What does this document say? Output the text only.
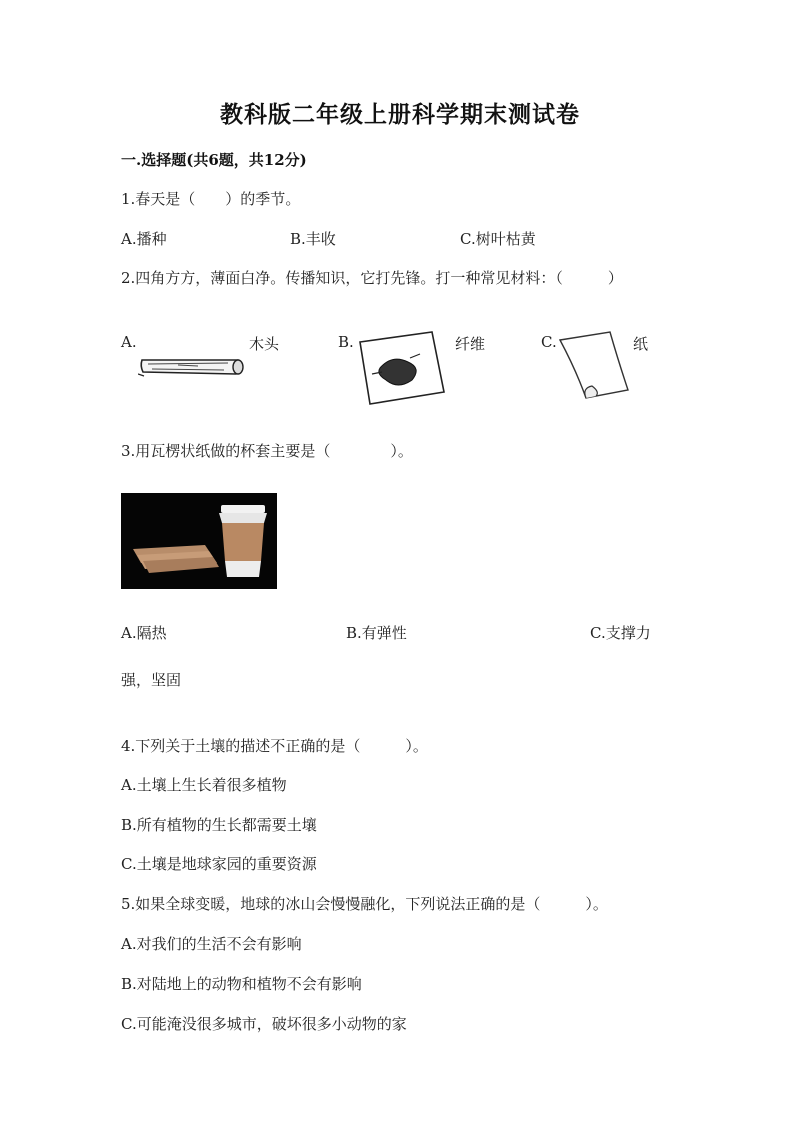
教科版二年级上册科学期末测试卷
一.选择题(共6题，共12分)
1.春天是（　　）的季节。
A.播种	B.丰收	C.树叶枯黄
2.四角方方，薄面白净。传播知识，它打先锋。打一种常见材料：（　　　）
A.	木头	B.	纤维	C.	纸
3.用瓦楞状纸做的杯套主要是（　　　　）。
A.隔热	B.有弹性	C.支撑力
强，坚固
4.下列关于土壤的描述不正确的是（　　　）。
A.土壤上生长着很多植物
B.所有植物的生长都需要土壤
C.土壤是地球家园的重要资源
5.如果全球变暖，地球的冰山会慢慢融化，下列说法正确的是（　　　）。
A.对我们的生活不会有影响
B.对陆地上的动物和植物不会有影响
C.可能淹没很多城市，破坏很多小动物的家
